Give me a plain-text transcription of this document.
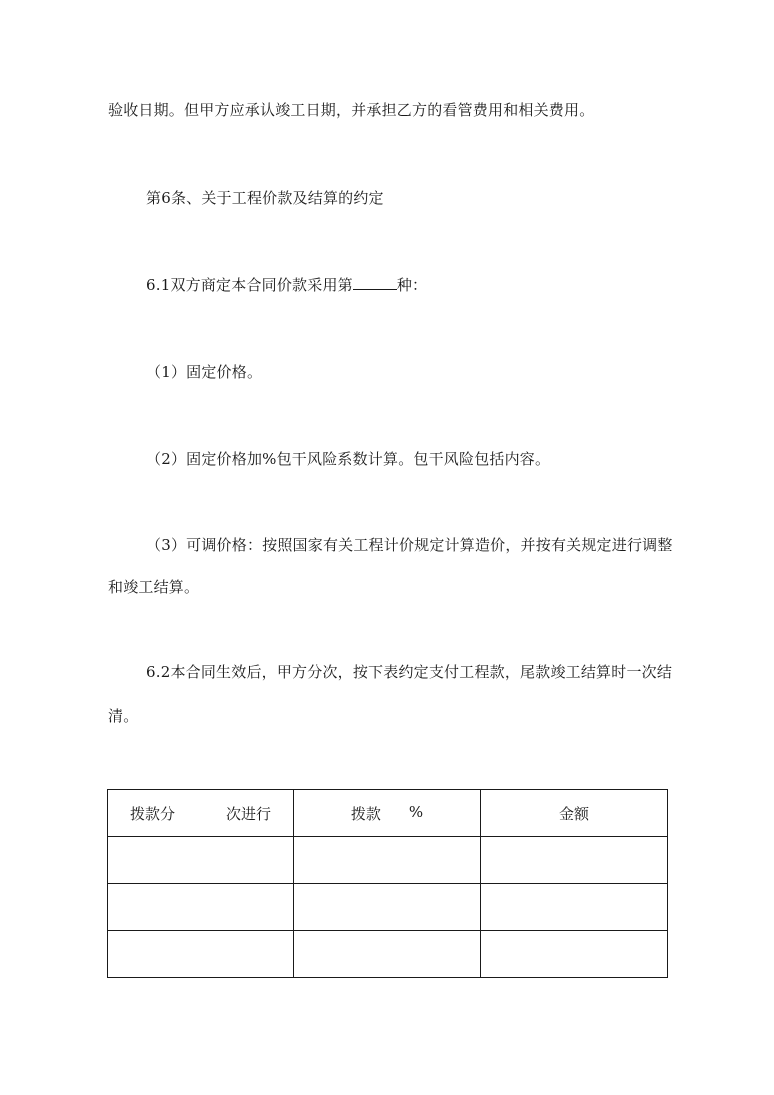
验收日期。但甲方应承认竣工日期，并承担乙方的看管费用和相关费用。
第6条、关于工程价款及结算的约定
6.1双方商定本合同价款采用第	种：
（1）固定价格。
（2）固定价格加%包干风险系数计算。包干风险包括内容。
（3）可调价格：按照国家有关工程计价规定计算造价，并按有关规定进行调整
和竣工结算。
6.2本合同生效后，甲方分次，按下表约定支付工程款，尾款竣工结算时一次结
清。
拨款分 次进行	拨款 %	金额
